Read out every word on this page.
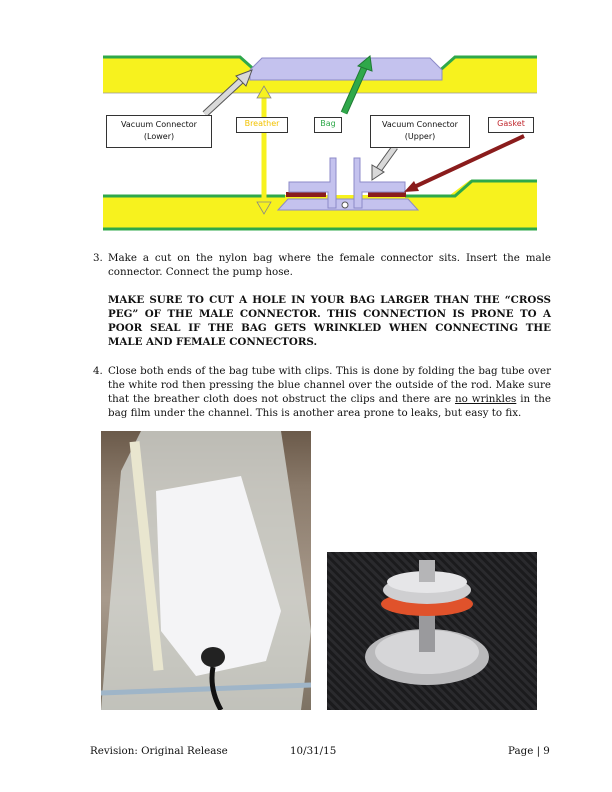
Vacuum Connector
(Lower)
Breather	Bag	Vacuum Connector
(Upper)
Gasket
3. Make a cut on the nylon bag where the female connector sits. Insert the male connector. Connect the pump hose.
MAKE SURE TO CUT A HOLE IN YOUR BAG LARGER THAN THE “CROSS PEG” OF THE MALE CONNECTOR. THIS CONNECTION IS PRONE TO A POOR SEAL IF THE BAG GETS WRINKLED WHEN CONNECTING THE MALE AND FEMALE CONNECTORS.
4. Close both ends of the bag tube with clips. This is done by folding the bag tube over the white rod then pressing the blue channel over the outside of the rod. Make sure that the breather cloth does not obstruct the clips and there are no wrinkles in the bag film under the channel. This is another area prone to leaks, but easy to fix.
Revision: Original Release	10/31/15	Page | 9
